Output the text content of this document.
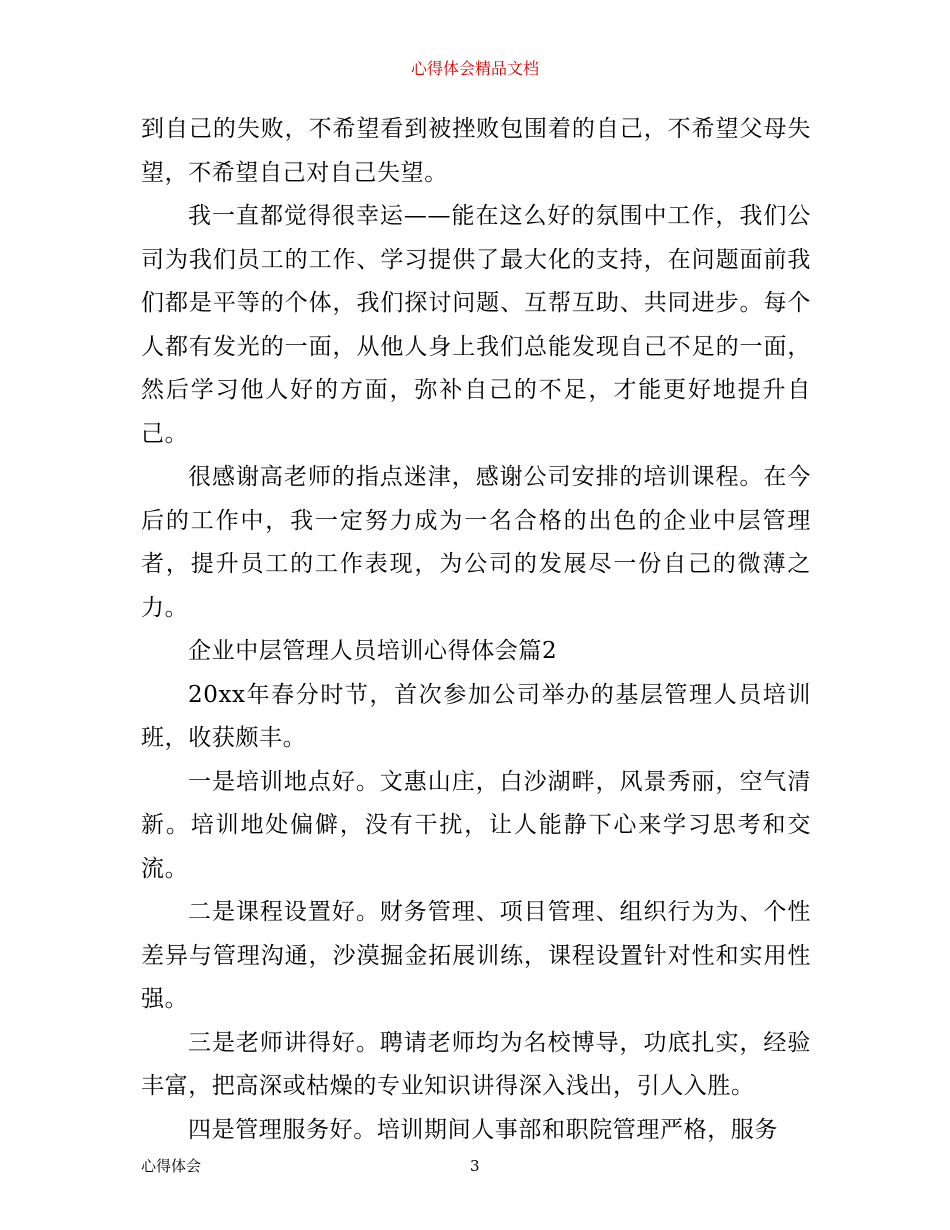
心得体会精品文档

到自己的失败，不希望看到被挫败包围着的自己，不希望父母失望，不希望自己对自己失望。

我一直都觉得很幸运——能在这么好的氛围中工作，我们公司为我们员工的工作、学习提供了最大化的支持，在问题面前我们都是平等的个体，我们探讨问题、互帮互助、共同进步。每个人都有发光的一面，从他人身上我们总能发现自己不足的一面，然后学习他人好的方面，弥补自己的不足，才能更好地提升自己。

很感谢高老师的指点迷津，感谢公司安排的培训课程。在今后的工作中，我一定努力成为一名合格的出色的企业中层管理者，提升员工的工作表现，为公司的发展尽一份自己的微薄之力。

企业中层管理人员培训心得体会篇2

20xx年春分时节，首次参加公司举办的基层管理人员培训班，收获颇丰。

一是培训地点好。文惠山庄，白沙湖畔，风景秀丽，空气清新。培训地处偏僻，没有干扰，让人能静下心来学习思考和交流。

二是课程设置好。财务管理、项目管理、组织行为为、个性差异与管理沟通，沙漠掘金拓展训练，课程设置针对性和实用性强。

三是老师讲得好。聘请老师均为名校博导，功底扎实，经验丰富，把高深或枯燥的专业知识讲得深入浅出，引人入胜。

四是管理服务好。培训期间人事部和职院管理严格，服务

心得体会	3
